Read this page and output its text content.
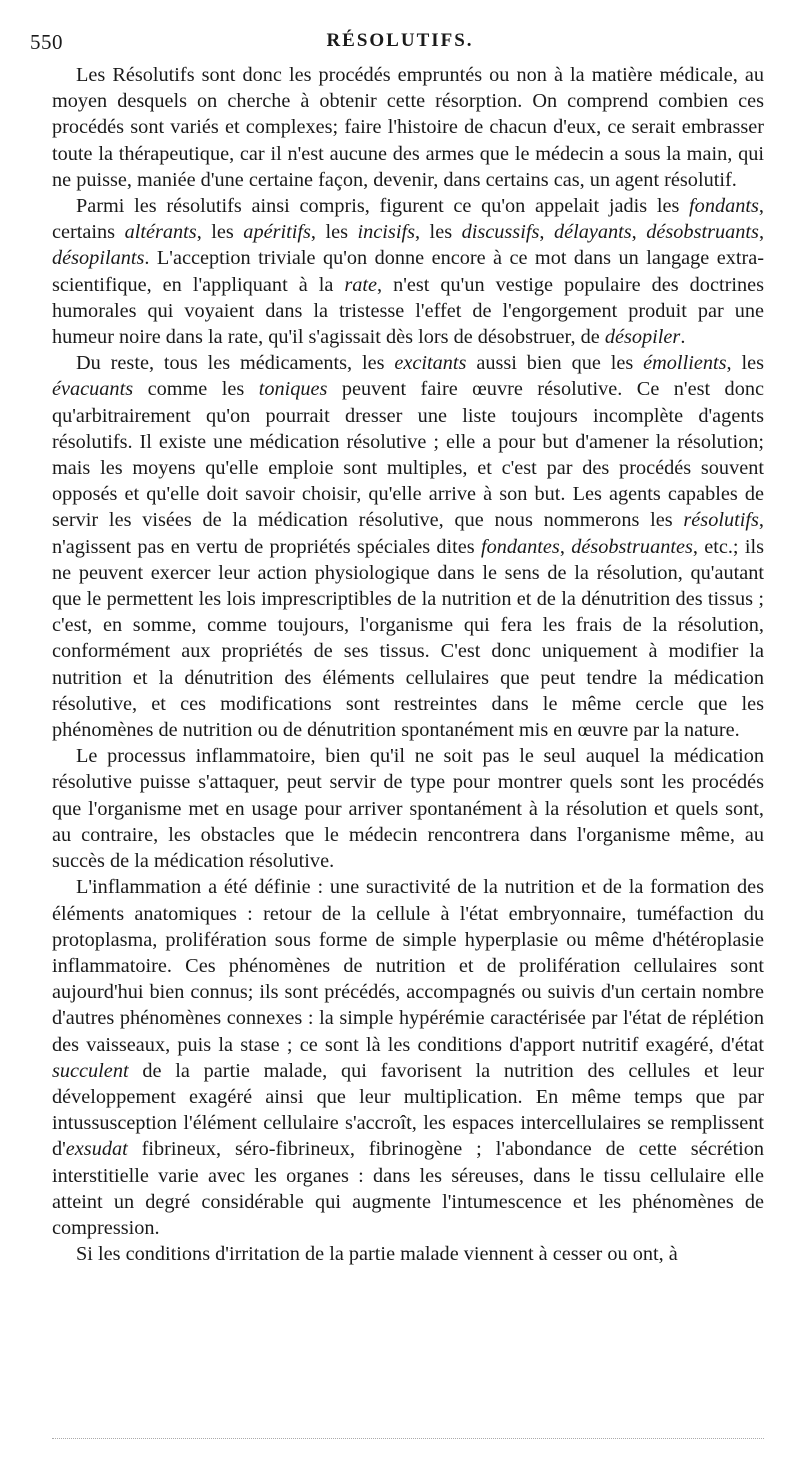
550	RÉSOLUTIFS.

Les Résolutifs sont donc les procédés empruntés ou non à la matière médicale, au moyen desquels on cherche à obtenir cette résorption. On comprend combien ces procédés sont variés et complexes; faire l'histoire de chacun d'eux, ce serait embrasser toute la thérapeutique, car il n'est aucune des armes que le médecin a sous la main, qui ne puisse, maniée d'une certaine façon, devenir, dans certains cas, un agent résolutif.

Parmi les résolutifs ainsi compris, figurent ce qu'on appelait jadis les fondants, certains altérants, les apéritifs, les incisifs, les discussifs, délayants, désobstruants, désopilants. L'acception triviale qu'on donne encore à ce mot dans un langage extra-scientifique, en l'appliquant à la rate, n'est qu'un vestige populaire des doctrines humorales qui voyaient dans la tristesse l'effet de l'engorgement produit par une humeur noire dans la rate, qu'il s'agissait dès lors de désobstruer, de désopiler.

Du reste, tous les médicaments, les excitants aussi bien que les émollients, les évacuants comme les toniques peuvent faire œuvre résolutive. Ce n'est donc qu'arbitrairement qu'on pourrait dresser une liste toujours incomplète d'agents résolutifs. Il existe une médication résolutive ; elle a pour but d'amener la résolution; mais les moyens qu'elle emploie sont multiples, et c'est par des procédés souvent opposés et qu'elle doit savoir choisir, qu'elle arrive à son but. Les agents capables de servir les visées de la médication résolutive, que nous nommerons les résolutifs, n'agissent pas en vertu de propriétés spéciales dites fondantes, désobstruantes, etc.; ils ne peuvent exercer leur action physiologique dans le sens de la résolution, qu'autant que le permettent les lois imprescriptibles de la nutrition et de la dénutrition des tissus ; c'est, en somme, comme toujours, l'organisme qui fera les frais de la résolution, conformément aux propriétés de ses tissus. C'est donc uniquement à modifier la nutrition et la dénutrition des éléments cellulaires que peut tendre la médication résolutive, et ces modifications sont restreintes dans le même cercle que les phénomènes de nutrition ou de dénutrition spontanément mis en œuvre par la nature.

Le processus inflammatoire, bien qu'il ne soit pas le seul auquel la médication résolutive puisse s'attaquer, peut servir de type pour montrer quels sont les procédés que l'organisme met en usage pour arriver spontanément à la résolution et quels sont, au contraire, les obstacles que le médecin rencontrera dans l'organisme même, au succès de la médication résolutive.

L'inflammation a été définie : une suractivité de la nutrition et de la formation des éléments anatomiques : retour de la cellule à l'état embryonnaire, tuméfaction du protoplasma, prolifération sous forme de simple hyperplasie ou même d'hétéroplasie inflammatoire. Ces phénomènes de nutrition et de prolifération cellulaires sont aujourd'hui bien connus; ils sont précédés, accompagnés ou suivis d'un certain nombre d'autres phénomènes connexes : la simple hypérémie caractérisée par l'état de réplétion des vaisseaux, puis la stase ; ce sont là les conditions d'apport nutritif exagéré, d'état succulent de la partie malade, qui favorisent la nutrition des cellules et leur développement exagéré ainsi que leur multiplication. En même temps que par intussusception l'élément cellulaire s'accroît, les espaces intercellulaires se remplissent d'exsudat fibrineux, séro-fibrineux, fibrinogène ; l'abondance de cette sécrétion interstitielle varie avec les organes : dans les séreuses, dans le tissu cellulaire elle atteint un degré considérable qui augmente l'intumescence et les phénomènes de compression.

Si les conditions d'irritation de la partie malade viennent à cesser ou ont, à
